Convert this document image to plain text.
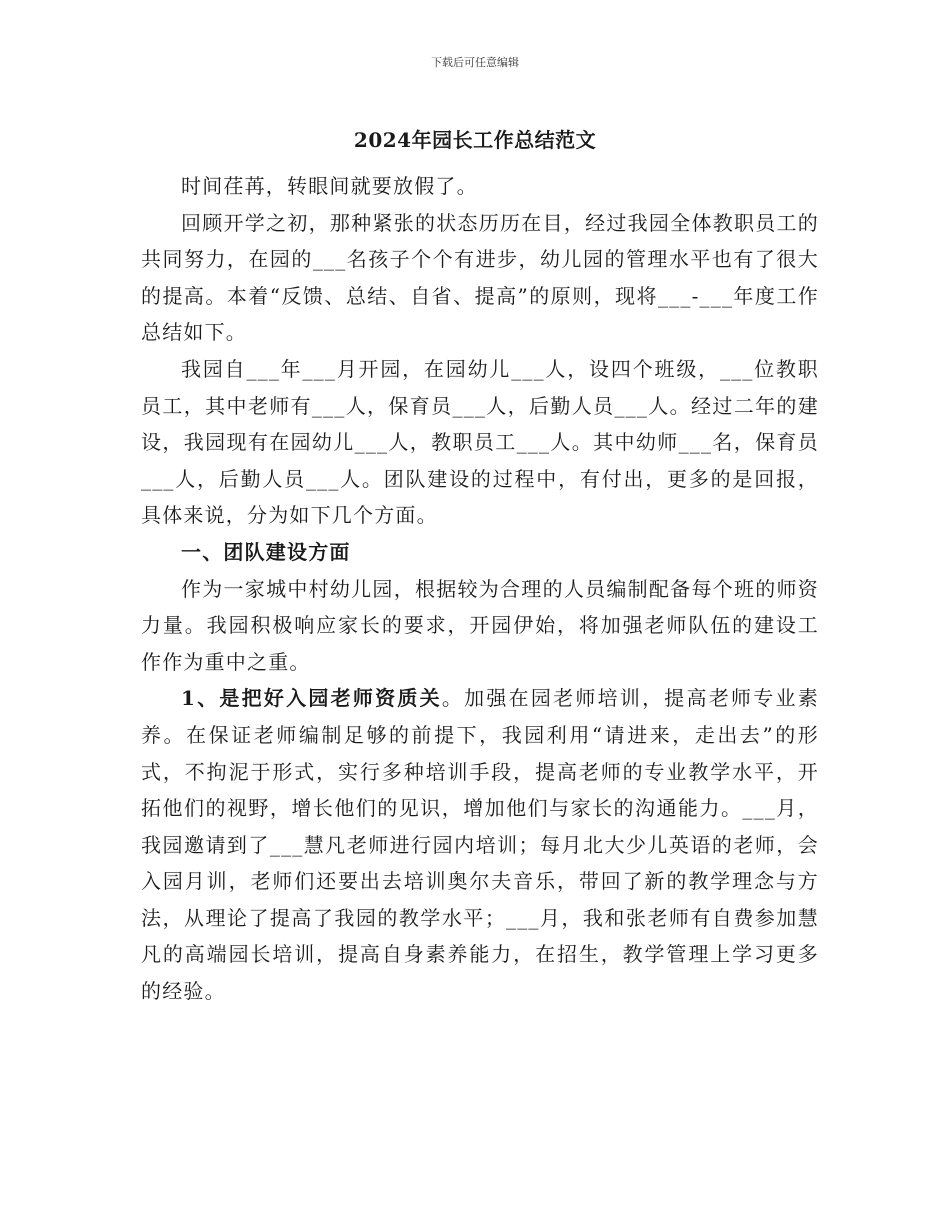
下载后可任意编辑
2024年园长工作总结范文

时间荏苒，转眼间就要放假了。

回顾开学之初，那种紧张的状态历历在目，经过我园全体教职员工的共同努力，在园的___名孩子个个有进步，幼儿园的管理水平也有了很大的提高。本着“反馈、总结、自省、提高”的原则，现将___-___年度工作总结如下。

我园自___年___月开园，在园幼儿___人，设四个班级，___位教职员工，其中老师有___人，保育员___人，后勤人员___人。经过二年的建设，我园现有在园幼儿___人，教职员工___人。其中幼师___名，保育员___人，后勤人员___人。团队建设的过程中，有付出，更多的是回报，具体来说，分为如下几个方面。

一、团队建设方面

作为一家城中村幼儿园，根据较为合理的人员编制配备每个班的师资力量。我园积极响应家长的要求，开园伊始，将加强老师队伍的建设工作作为重中之重。

1、是把好入园老师资质关。加强在园老师培训，提高老师专业素养。在保证老师编制足够的前提下，我园利用“请进来，走出去”的形式，不拘泥于形式，实行多种培训手段，提高老师的专业教学水平，开拓他们的视野，增长他们的见识，增加他们与家长的沟通能力。___月，我园邀请到了___慧凡老师进行园内培训；每月北大少儿英语的老师，会入园月训，老师们还要出去培训奥尔夫音乐，带回了新的教学理念与方法，从理论了提高了我园的教学水平；___月，我和张老师有自费参加慧凡的高端园长培训，提高自身素养能力，在招生，教学管理上学习更多的经验。
